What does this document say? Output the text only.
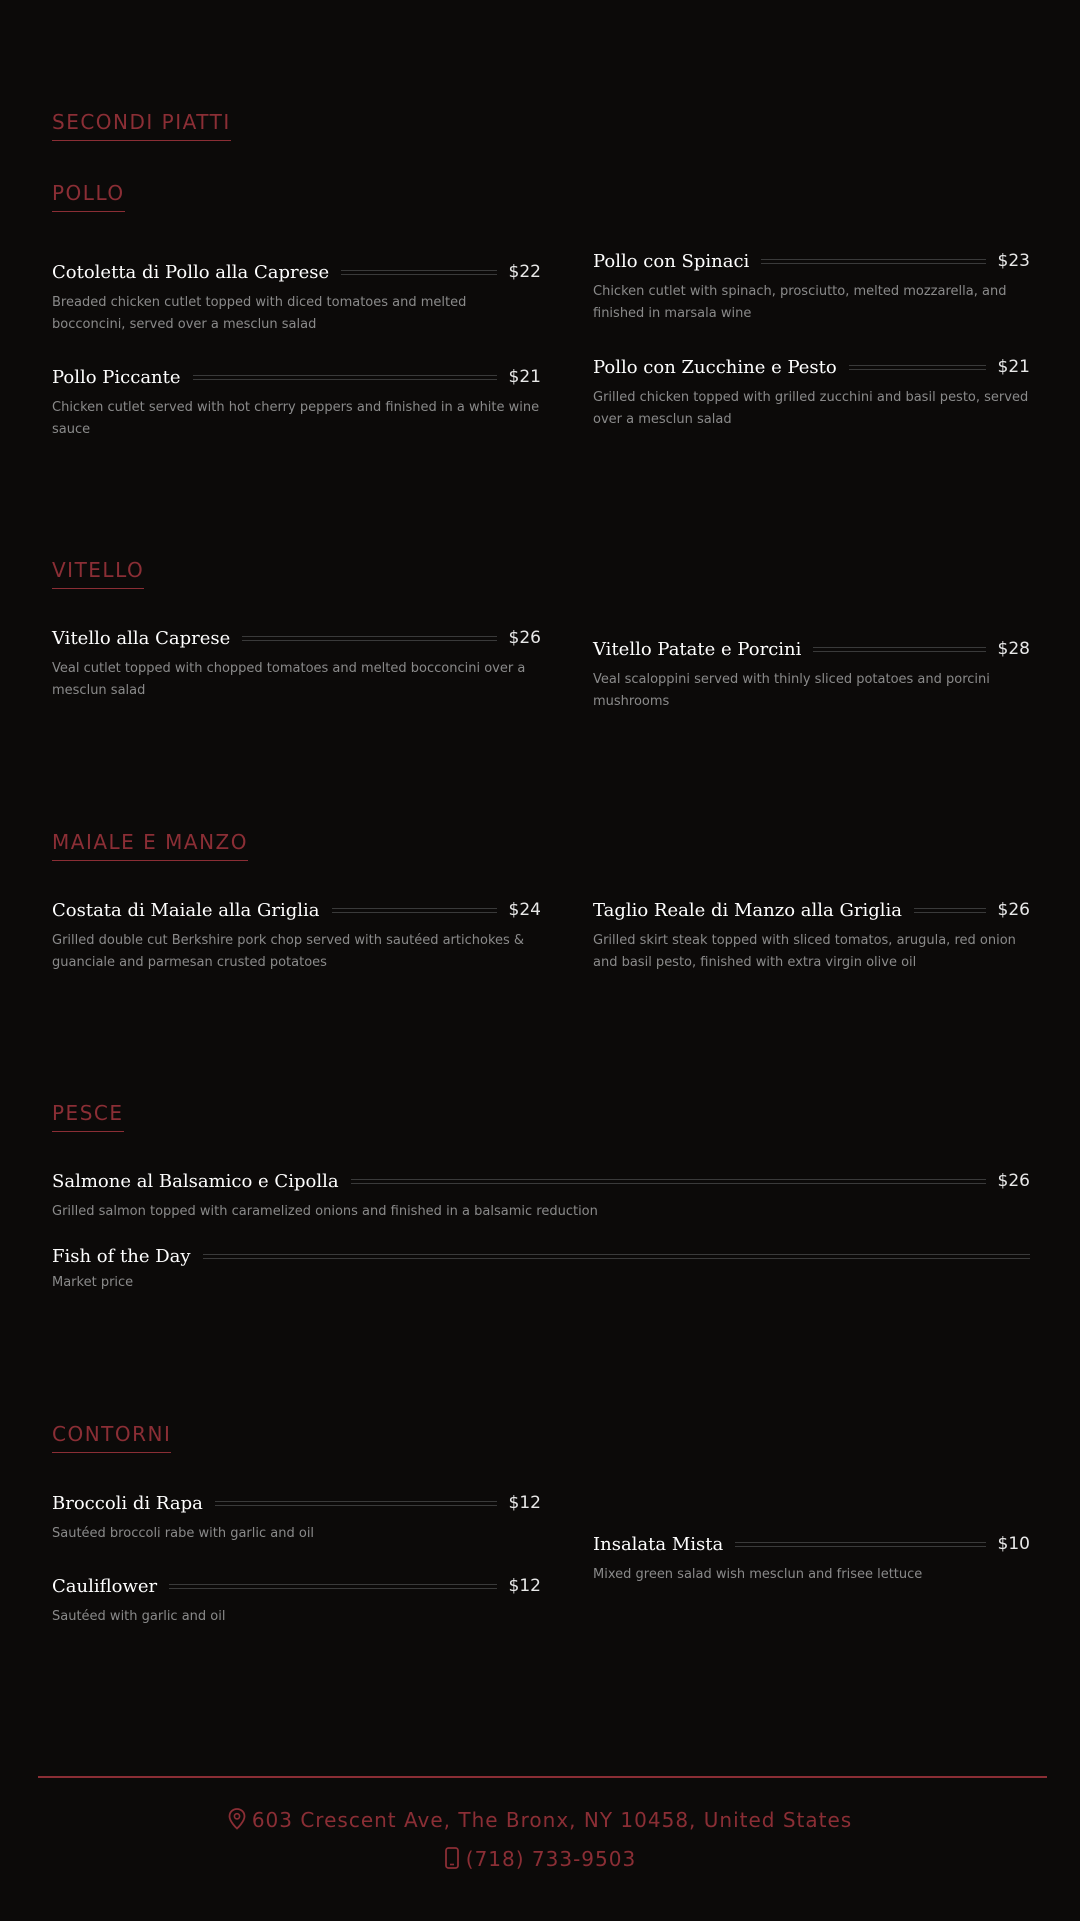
SECONDI PIATTI
POLLO
Cotoletta di Pollo alla Caprese	$22
Breaded chicken cutlet topped with diced tomatoes and melted bocconcini, served over a mesclun salad
Pollo con Spinaci	$23
Chicken cutlet with spinach, prosciutto, melted mozzarella, and finished in marsala wine
Pollo Piccante	$21
Chicken cutlet served with hot cherry peppers and finished in a white wine sauce
Pollo con Zucchine e Pesto	$21
Grilled chicken topped with grilled zucchini and basil pesto, served over a mesclun salad
VITELLO
Vitello alla Caprese	$26
Veal cutlet topped with chopped tomatoes and melted bocconcini over a mesclun salad
Vitello Patate e Porcini	$28
Veal scaloppini served with thinly sliced potatoes and porcini mushrooms
MAIALE E MANZO
Costata di Maiale alla Griglia	$24
Grilled double cut Berkshire pork chop served with sautéed artichokes & guanciale and parmesan crusted potatoes
Taglio Reale di Manzo alla Griglia	$26
Grilled skirt steak topped with sliced tomatos, arugula, red onion and basil pesto, finished with extra virgin olive oil
PESCE
Salmone al Balsamico e Cipolla	$26
Grilled salmon topped with caramelized onions and finished in a balsamic reduction
Fish of the Day
Market price
CONTORNI
Broccoli di Rapa	$12
Sautéed broccoli rabe with garlic and oil	Insalata Mista	$10
Mixed green salad wish mesclun and frisee lettuce
Cauliflower	$12
Sautéed with garlic and oil
603 Crescent Ave, The Bronx, NY 10458, United States
(718) 733-9503
